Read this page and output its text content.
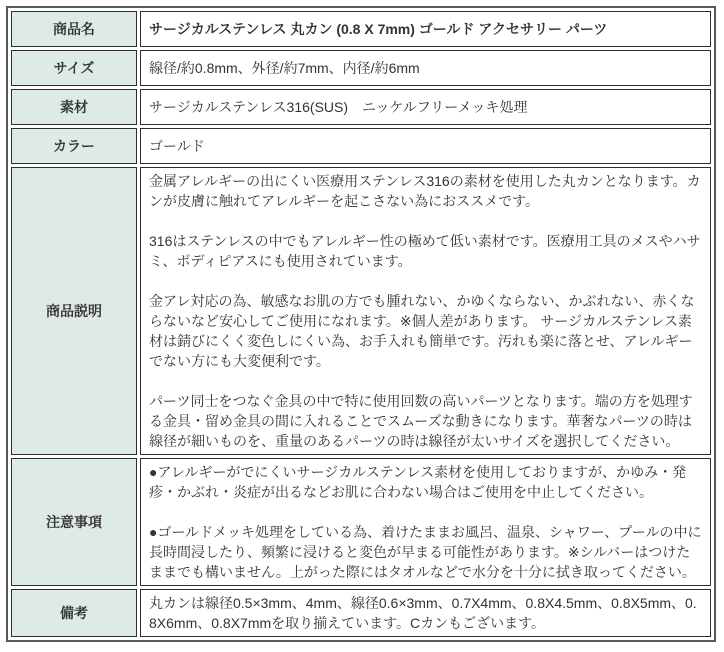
商品名	サージカルステンレス 丸カン (0.8 X 7mm) ゴールド アクセサリー パーツ
サイズ	線径/約0.8mm、外径/約7mm、内径/約6mm
素材	サージカルステンレス316(SUS)　ニッケルフリーメッキ処理
カラー	ゴールド
商品説明	金属アレルギーの出にくい医療用ステンレス316の素材を使用した丸カンとなります。カンが皮膚に触れてアレルギーを起こさない為におススメです。

316はステンレスの中でもアレルギー性の極めて低い素材です。医療用工具のメスやハサミ、ボディピアスにも使用されています。

金アレ対応の為、敏感なお肌の方でも腫れない、かゆくならない、かぶれない、赤くならないなど安心してご使用になれます。※個人差があります。 サージカルステンレス素材は錆びにくく変色しにくい為、お手入れも簡単です。汚れも楽に落とせ、アレルギーでない方にも大変便利です。

パーツ同士をつなぐ金具の中で特に使用回数の高いパーツとなります。端の方を処理する金具・留め金具の間に入れることでスムーズな動きになります。華奢なパーツの時は線径が細いものを、重量のあるパーツの時は線径が太いサイズを選択してください。

注意事項	●アレルギーがでにくいサージカルステンレス素材を使用しておりますが、かゆみ・発疹・かぶれ・炎症が出るなどお肌に合わない場合はご使用を中止してください。

●ゴールドメッキ処理をしている為、着けたままお風呂、温泉、シャワー、プールの中に長時間浸したり、頻繁に浸けると変色が早まる可能性があります。※シルバーはつけたままでも構いません。上がった際にはタオルなどで水分を十分に拭き取ってください。

備考	丸カンは線径0.5×3mm、4mm、線径0.6×3mm、0.7X4mm、0.8X4.5mm、0.8X5mm、0.8X6mm、0.8X7mmを取り揃えています。Cカンもございます。
